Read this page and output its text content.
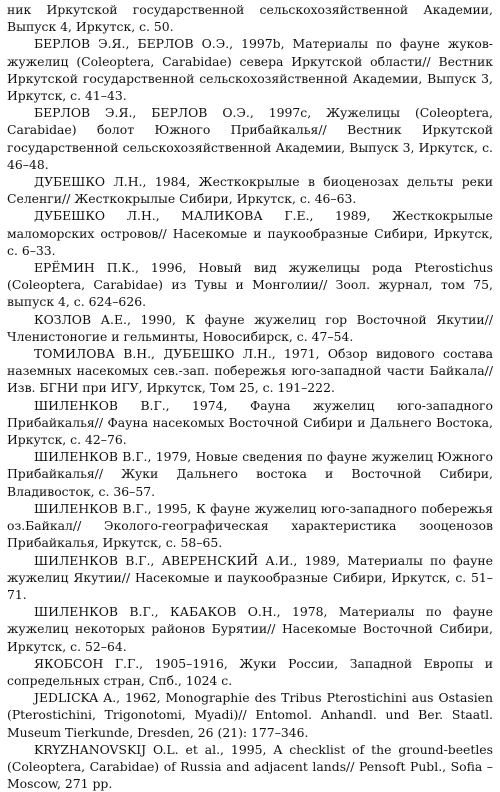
ник Иркутской государственной сельскохозяйственной Академии, Выпуск 4, Иркутск, с. 50.

БЕРЛОВ Э.Я., БЕРЛОВ О.Э., 1997b, Материалы по фауне жуков-жужелиц (Coleoptera, Carabidae) севера Иркутской области// Вестник Иркутской государственной сельскохозяйственной Академии, Выпуск 3, Иркутск, с. 41–43.

БЕРЛОВ Э.Я., БЕРЛОВ О.Э., 1997с, Жужелицы (Coleoptera, Carabidae) болот Южного Прибайкалья// Вестник Иркутской государственной сельскохозяйственной Академии, Выпуск 3, Иркутск, с. 46–48.

ДУБЕШКО Л.Н., 1984, Жесткокрылые в биоценозах дельты реки Селенги// Жесткокрылые Сибири, Иркутск, с. 46–63.

ДУБЕШКО Л.Н., МАЛИКОВА Г.Е., 1989, Жесткокрылые маломорских островов// Насекомые и паукообразные Сибири, Иркутск, с. 6–33.

ЕРЁМИН П.К., 1996, Новый вид жужелицы рода Pterostichus (Coleoptera, Carabidae) из Тувы и Монголии// Зоол. журнал, том 75, выпуск 4, с. 624–626.

КОЗЛОВ А.Е., 1990, К фауне жужелиц гор Восточной Якутии// Членистоногие и гельминты, Новосибирск, с. 47–54.

ТОМИЛОВА В.Н., ДУБЕШКО Л.Н., 1971, Обзор видового состава наземных насекомых сев.-зап. побережья юго-западной части Байкала// Изв. БГНИ при ИГУ, Иркутск, Том 25, с. 191–222.

ШИЛЕНКОВ В.Г., 1974, Фауна жужелиц юго-западного Прибайкалья// Фауна насекомых Восточной Сибири и Дальнего Востока, Иркутск, с. 42–76.

ШИЛЕНКОВ В.Г., 1979, Новые сведения по фауне жужелиц Южного Прибайкалья// Жуки Дальнего востока и Восточной Сибири, Владивосток, с. 36–57.

ШИЛЕНКОВ В.Г., 1995, К фауне жужелиц юго-западного побережья оз.Байкал// Эколого-географическая характеристика зооценозов Прибайкалья, Иркутск, с. 58–65.

ШИЛЕНКОВ В.Г., АВЕРЕНСКИЙ А.И., 1989, Материалы по фауне жужелиц Якутии// Насекомые и паукообразные Сибири, Иркутск, с. 51–71.

ШИЛЕНКОВ В.Г., КАБАКОВ О.Н., 1978, Материалы по фауне жужелиц некоторых районов Бурятии// Насекомые Восточной Сибири, Иркутск, с. 52–64.

ЯКОБСОН Г.Г., 1905–1916, Жуки России, Западной Европы и сопредельных стран, Спб., 1024 с.

JEDLICKA A., 1962, Monographie des Tribus Pterostichini aus Ostasien (Pterostichini, Trigonotomi, Myadi)// Entomol. Anhandl. und Ber. Staatl. Museum Tierkunde, Dresden, 26 (21): 177–346.

KRYZHANOVSKIJ O.L. et al., 1995, A checklist of the ground-beetles (Coleoptera, Carabidae) of Russia and adjacent lands// Pensoft Publ., Sofia – Moscow, 271 pp.
